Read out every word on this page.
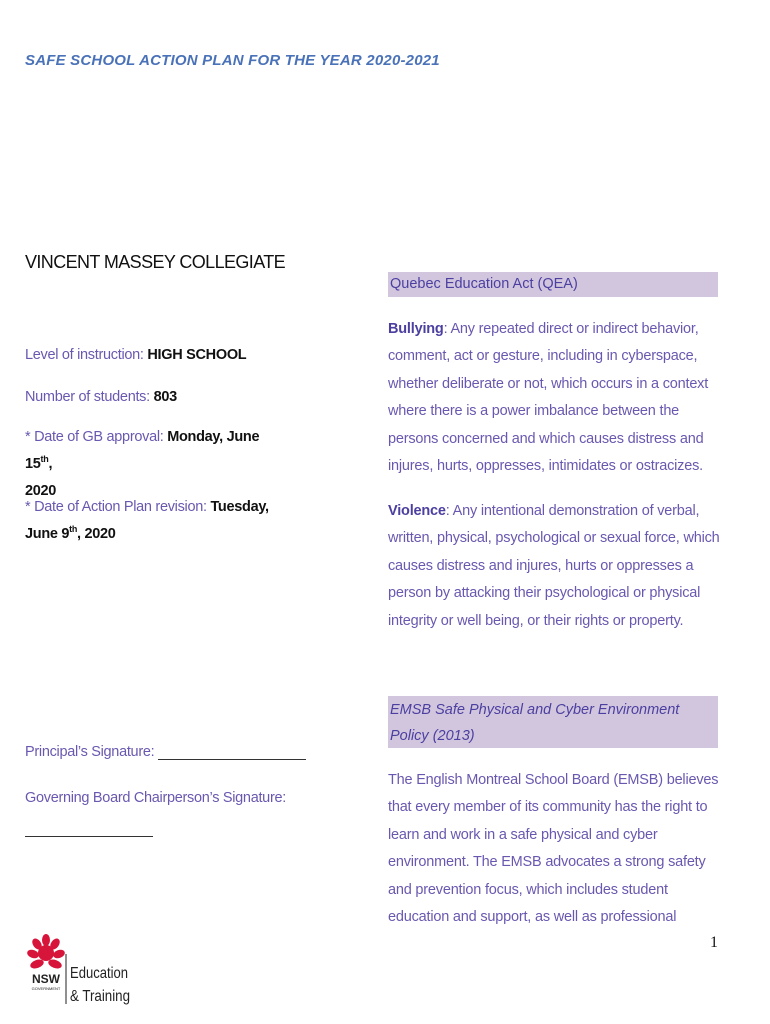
SAFE SCHOOL ACTION PLAN FOR THE YEAR 2020-2021
VINCENT MASSEY COLLEGIATE
Level of instruction: HIGH SCHOOL
Number of students: 803
* Date of GB approval: Monday, June 15th,
2020
* Date of Action Plan revision: Tuesday,
June 9th, 2020
Principal’s Signature:
Governing Board Chairperson’s Signature:
Quebec Education Act (QEA)
Bullying: Any repeated direct or indirect behavior, comment, act or gesture, including in cyberspace, whether deliberate or not, which occurs in a context where there is a power imbalance between the persons concerned and which causes distress and injures, hurts, oppresses, intimidates or ostracizes.
Violence: Any intentional demonstration of verbal, written, physical, psychological or sexual force, which causes distress and injures, hurts or oppresses a person by attacking their psychological or physical integrity or well being, or their rights or property.
EMSB Safe Physical and Cyber Environment Policy (2013)
The English Montreal School Board (EMSB) believes that every member of its community has the right to learn and work in a safe physical and cyber environment. The EMSB advocates a strong safety and prevention focus, which includes student education and support, as well as professional
1
NSW
GOVERNMENT
Education
& Training
